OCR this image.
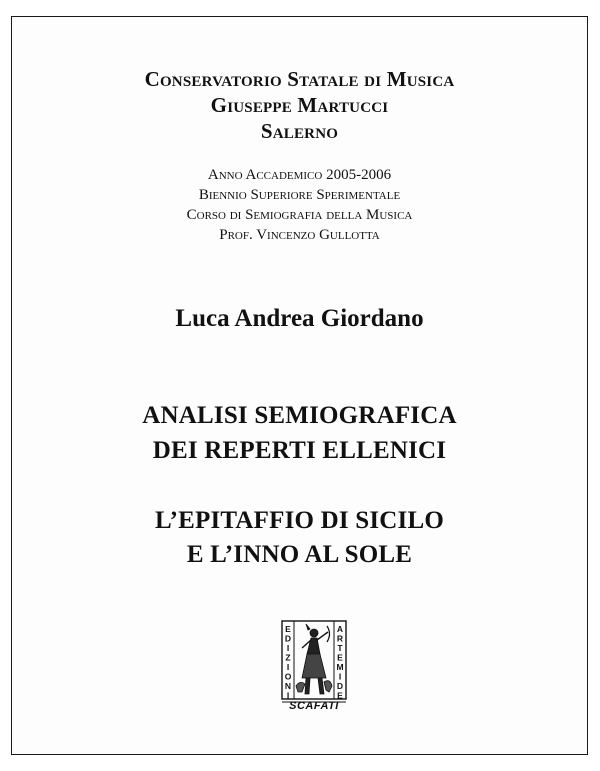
Conservatorio Statale di Musica
Giuseppe Martucci
Salerno
Anno Accademico 2005-2006
Biennio Superiore Sperimentale
Corso di Semiografia della Musica
Prof. Vincenzo Gullotta
Luca Andrea Giordano
ANALISI SEMIOGRAFICA
DEI REPERTI ELLENICI
L’EPITAFFIO DI SICILO
E L’INNO AL SOLE
E
D
I
Z
I
O
N
I
A
R
T
E
M
I
D
E
SCAFATI
